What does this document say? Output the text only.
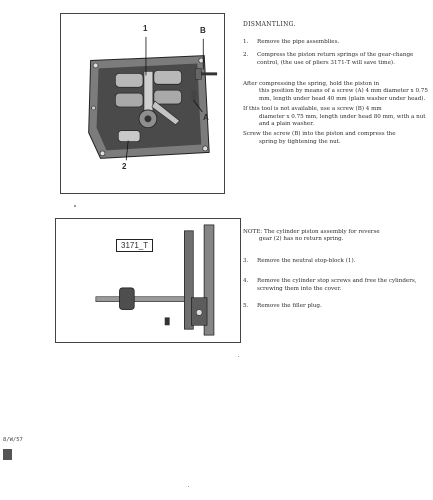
1	B
A
2
3171_T
DISMANTLING.
1. Remove the pipe assemblies.
2. Compress the piston return springs of the gear-change control, (the use of pliers 3171-T will save time).
After compressing the spring, hold the piston in
this position by means of a screw (A) 4 mm diameter x 0.75 mm, length under head 40 mm (plain washer under head).
If this tool is not available, use a screw (B) 4 mm
diameter x 0.75 mm, length under head 80 mm, with a nut and a plain washer.
Screw the screw (B) into the piston and compress the
spring by tightening the nut.
NOTE: The cylinder piston assembly for reverse
gear (2) has no return spring.
3. Remove the neutral stop-block (1).
4. Remove the cylinder stop screws and free the cylinders, screwing them into the cover.
5. Remove the filler plug.
8/W/57
